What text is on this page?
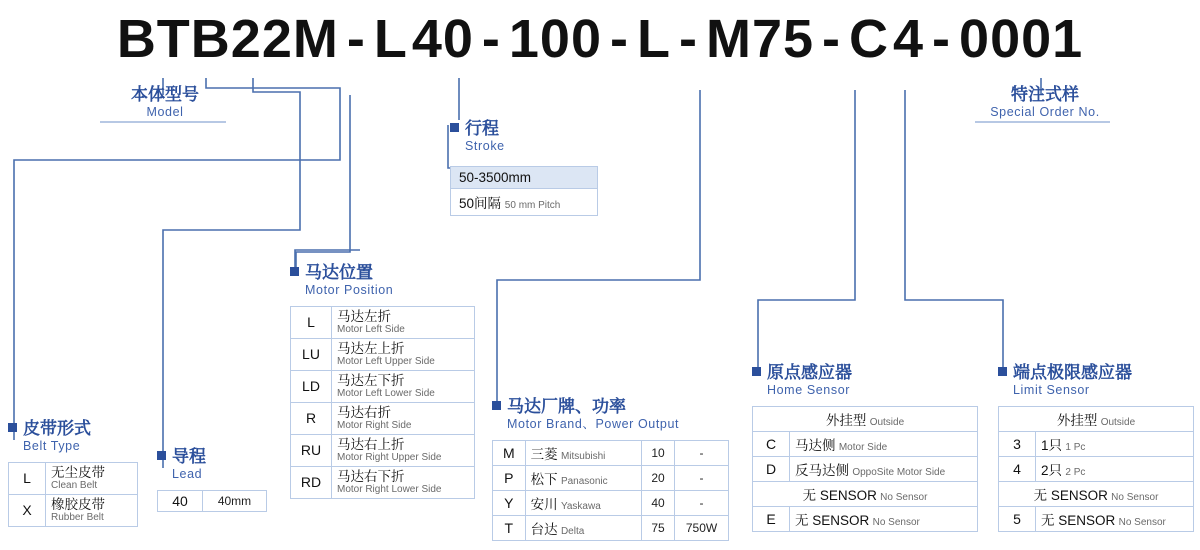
BTB22M - L40 - 100 - L - M75 - C4 - 0001
本体型号
Model
特注式样
Special Order No.
行程
Stroke
50-3500mm
50间隔 50 mm Pitch
皮带形式
Belt Type
L	无尘皮带
Clean Belt

X	橡胶皮带
Rubber Belt
导程
Lead
40	40mm
马达位置
Motor Position
L	马达左折
Motor Left Side

LU	马达左上折
Motor Left Upper Side

LD	马达左下折
Motor Left Lower Side

R	马达右折
Motor Right Side

RU	马达右上折
Motor Right Upper Side

RD	马达右下折
Motor Right Lower Side
马达厂牌、功率
Motor Brand、Power Output
M	三菱 Mitsubishi	10	-
P	松下 Panasonic	20	-
Y	安川 Yaskawa	40	-
T	台达 Delta	75	750W
原点感应器
Home Sensor
外挂型 Outside	
C	马达侧 Motor Side
D	反马达侧 OppoSite Motor Side
无 SENSOR No Sensor	
E	无 SENSOR No Sensor
端点极限感应器
Limit Sensor
外挂型 Outside	
3	1只 1 Pc
4	2只 2 Pc
无 SENSOR No Sensor	
5	无 SENSOR No Sensor
